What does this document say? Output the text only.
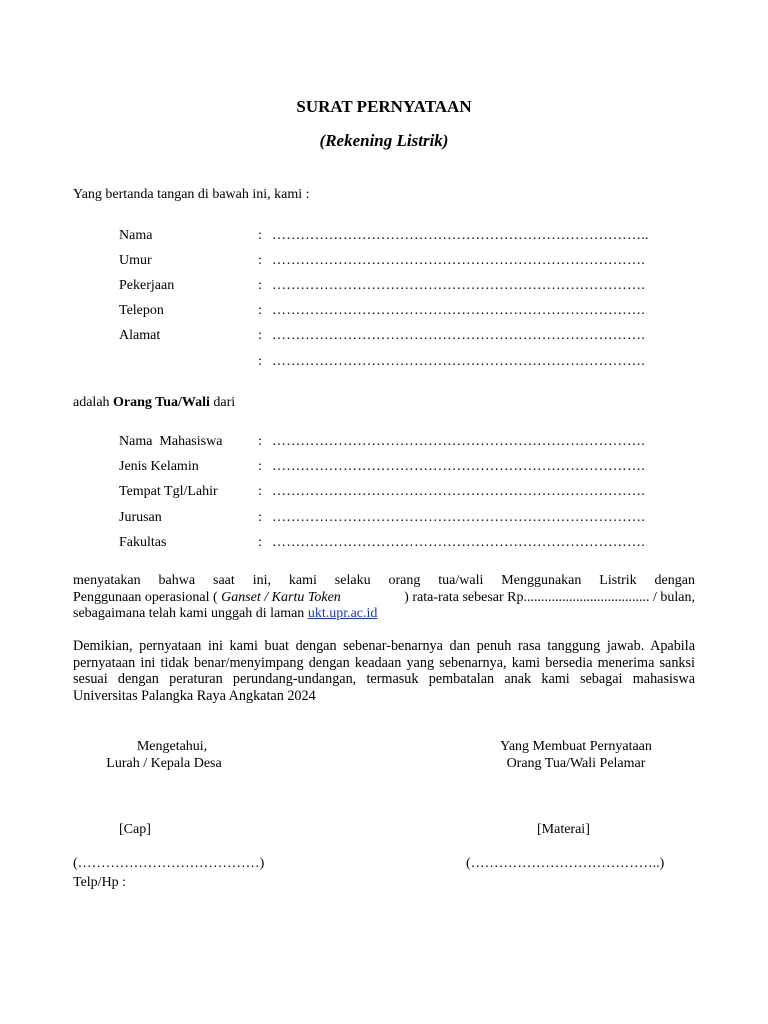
SURAT PERNYATAAN
(Rekening Listrik)
Yang bertanda tangan di bawah ini, kami :
Nama	: ……………………………………………………………………..
Umur	: …………………………………………………………………….
Pekerjaan	: …………………………………………………………………….
Telepon	: …………………………………………………………………….
Alamat	: …………………………………………………………………….
: …………………………………………………………………….
adalah Orang Tua/Wali dari
Nama  Mahasiswa	: …………………………………………………………………….
Jenis Kelamin	: …………………………………………………………………….
Tempat Tgl/Lahir	: …………………………………………………………………….
Jurusan	: …………………………………………………………………….
Fakultas	: …………………………………………………………………….
menyatakan bahwa saat ini, kami selaku orang tua/wali Menggunakan Listrik dengan
Penggunaan operasional ( Ganset / Kartu Token	) rata-rata sebesar Rp.................................... / bulan,
sebagaimana telah kami unggah di laman ukt.upr.ac.id
Demikian, pernyataan ini kami buat dengan sebenar-benarnya dan penuh rasa tanggung jawab. Apabila pernyataan ini tidak benar/menyimpang dengan keadaan yang sebenarnya, kami bersedia menerima sanksi sesuai dengan peraturan perundang-undangan, termasuk pembatalan anak kami sebagai mahasiswa Universitas Palangka Raya Angkatan 2024
Mengetahui,
Lurah / Kepala Desa
[Cap]
(…………………………………)
Telp/Hp :
Yang Membuat Pernyataan
Orang Tua/Wali Pelamar
[Materai]
(…………………………………..)
